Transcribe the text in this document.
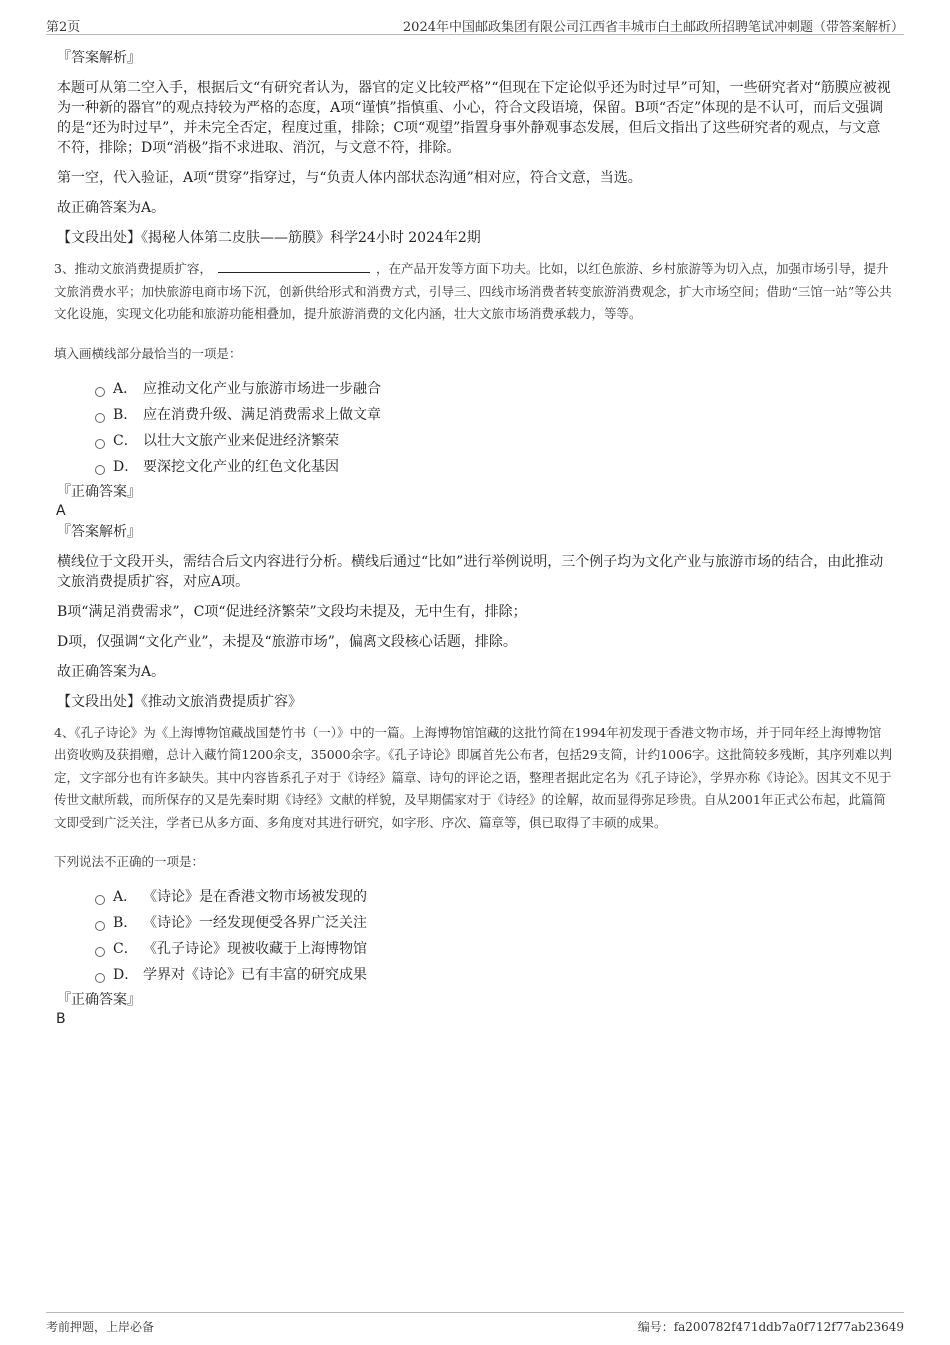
第2页	2024年中国邮政集团有限公司江西省丰城市白土邮政所招聘笔试冲刺题（带答案解析）
『答案解析』

本题可从第二空入手，根据后文“有研究者认为，器官的定义比较严格”“但现在下定论似乎还为时过早”可知，一些研究者对“筋膜应被视为一种新的器官”的观点持较为严格的态度，A项“谨慎”指慎重、小心，符合文段语境，保留。B项“否定”体现的是不认可，而后文强调的是“还为时过早”，并未完全否定，程度过重，排除；C项“观望”指置身事外静观事态发展，但后文指出了这些研究者的观点，与文意不符，排除；D项“消极”指不求进取、消沉，与文意不符，排除。

第一空，代入验证，A项“贯穿”指穿过，与“负责人体内部状态沟通”相对应，符合文意，当选。

故正确答案为A。

【文段出处】《揭秘人体第二皮肤——筋膜》科学24小时 2024年2期

3、推动文旅消费提质扩容，	，在产品开发等方面下功夫。比如，以红色旅游、乡村旅游等为切入点，加强市场引导，提升文旅消费水平；加快旅游电商市场下沉，创新供给形式和消费方式，引导三、四线市场消费者转变旅游消费观念，扩大市场空间；借助“三馆一站”等公共文化设施，实现文化功能和旅游功能相叠加，提升旅游消费的文化内涵，壮大文旅市场消费承载力，等等。
填入画横线部分最恰当的一项是：
A． 应推动文化产业与旅游市场进一步融合
B． 应在消费升级、满足消费需求上做文章
C． 以壮大文旅产业来促进经济繁荣
D． 要深挖文化产业的红色文化基因
『正确答案』
A
『答案解析』

横线位于文段开头，需结合后文内容进行分析。横线后通过“比如”进行举例说明，三个例子均为文化产业与旅游市场的结合，由此推动文旅消费提质扩容，对应A项。

B项“满足消费需求”，C项“促进经济繁荣”文段均未提及，无中生有，排除；

D项，仅强调“文化产业”，未提及“旅游市场”，偏离文段核心话题，排除。

故正确答案为A。

【文段出处】《推动文旅消费提质扩容》

4、《孔子诗论》为《上海博物馆藏战国楚竹书（一）》中的一篇。上海博物馆馆藏的这批竹简在1994年初发现于香港文物市场，并于同年经上海博物馆出资收购及获捐赠，总计入藏竹简1200余支，35000余字。《孔子诗论》即属首先公布者，包括29支简，计约1006字。这批简较多残断，其序列难以判定，文字部分也有许多缺失。其中内容皆系孔子对于《诗经》篇章、诗句的评论之语，整理者据此定名为《孔子诗论》，学界亦称《诗论》。因其文不见于传世文献所载，而所保存的又是先秦时期《诗经》文献的样貌，及早期儒家对于《诗经》的诠解，故而显得弥足珍贵。自从2001年正式公布起，此篇简文即受到广泛关注，学者已从多方面、多角度对其进行研究，如字形、序次、篇章等，俱已取得了丰硕的成果。
下列说法不正确的一项是：
A． 《诗论》是在香港文物市场被发现的
B． 《诗论》一经发现便受各界广泛关注
C． 《孔子诗论》现被收藏于上海博物馆
D． 学界对《诗论》已有丰富的研究成果
『正确答案』
B
考前押题，上岸必备	编号：fa200782f471ddb7a0f712f77ab23649
